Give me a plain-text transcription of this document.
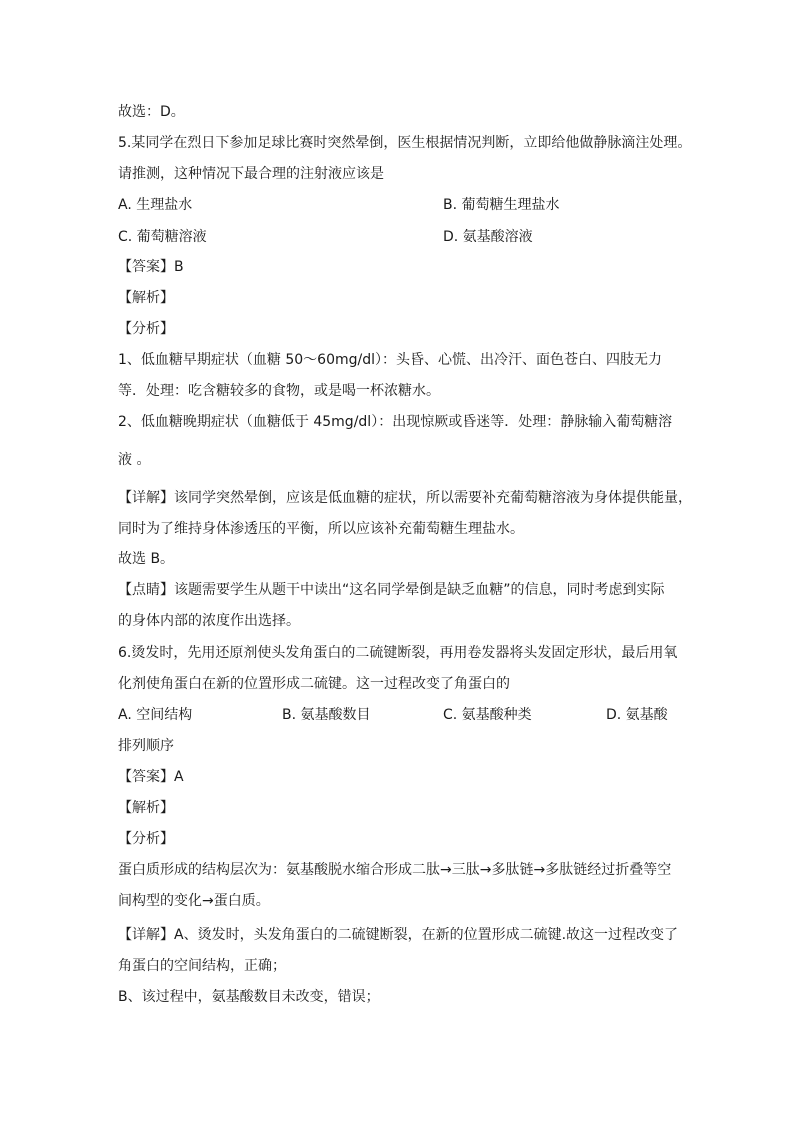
故选：D。
5.某同学在烈日下参加足球比赛时突然晕倒，医生根据情况判断，立即给他做静脉滴注处理。
请推测，这种情况下最合理的注射液应该是
A. 生理盐水	B. 葡萄糖生理盐水
C. 葡萄糖溶液	D. 氨基酸溶液
【答案】B
【解析】
【分析】
1、低血糖早期症状（血糖 50～60mg/dl）：头昏、心慌、出冷汗、面色苍白、四肢无力
等．处理：吃含糖较多的食物，或是喝一杯浓糖水。
2、低血糖晚期症状（血糖低于 45mg/dl）：出现惊厥或昏迷等．处理：静脉输入葡萄糖溶
液 。
【详解】该同学突然晕倒，应该是低血糖的症状，所以需要补充葡萄糖溶液为身体提供能量，
同时为了维持身体渗透压的平衡，所以应该补充葡萄糖生理盐水。
故选 B。
【点睛】该题需要学生从题干中读出“这名同学晕倒是缺乏血糖”的信息，同时考虑到实际
的身体内部的浓度作出选择。
6.烫发时，先用还原剂使头发角蛋白的二硫键断裂，再用卷发器将头发固定形状，最后用氧
化剂使角蛋白在新的位置形成二硫键。这一过程改变了角蛋白的
A. 空间结构	B. 氨基酸数目	C. 氨基酸种类	D. 氨基酸
排列顺序
【答案】A
【解析】
【分析】
蛋白质形成的结构层次为：氨基酸脱水缩合形成二肽→三肽→多肽链→多肽链经过折叠等空
间构型的变化→蛋白质。
【详解】A、烫发时，头发角蛋白的二硫键断裂，在新的位置形成二硫键.故这一过程改变了
角蛋白的空间结构，正确；
B、该过程中，氨基酸数目未改变，错误；
